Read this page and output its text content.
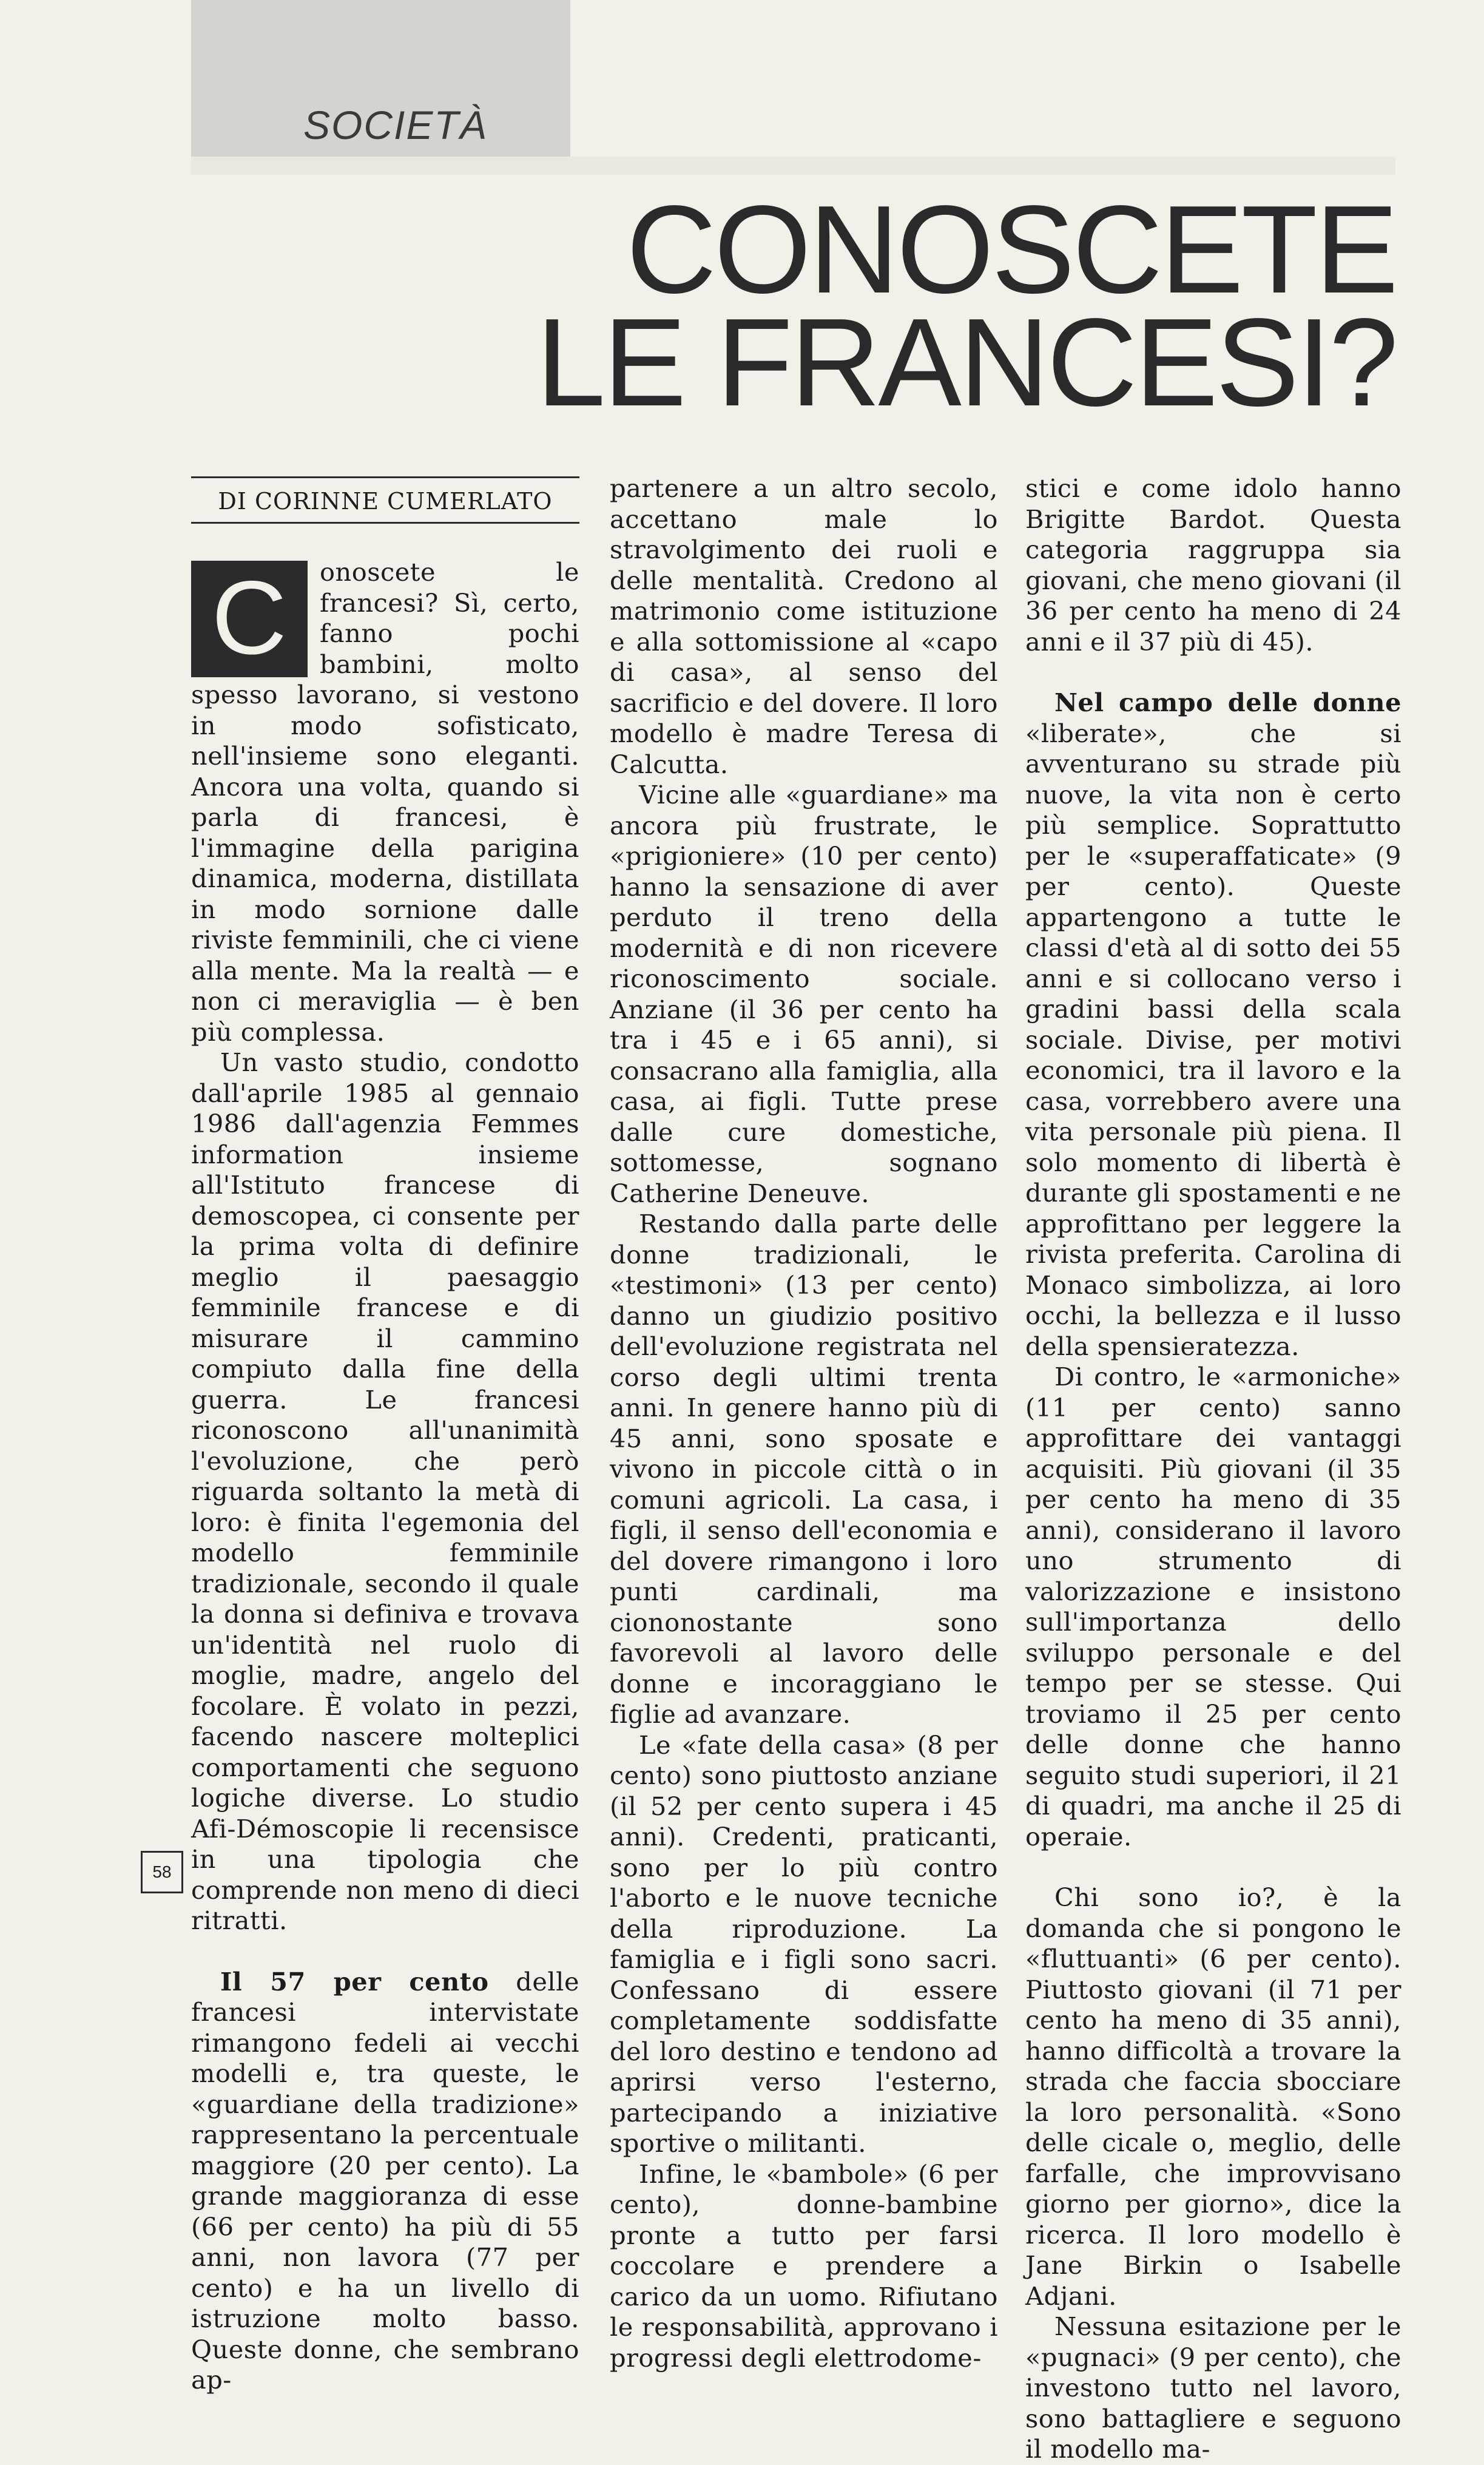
SOCIETÀ
CONOSCETE
LE FRANCESI?
DI CORINNE CUMERLATO

C	onoscete le francesi? Sì, certo, fanno pochi bambini, molto spesso lavorano, si vestono in modo sofisticato, nell'insieme sono eleganti. Ancora una volta, quando si parla di francesi, è l'immagine della parigina dinamica, moderna, distillata in modo sornione dalle riviste femminili, che ci viene alla mente. Ma la realtà — e non ci meraviglia — è ben più complessa.

Un vasto studio, condotto dall'aprile 1985 al gennaio 1986 dall'agenzia Femmes information insieme all'Istituto francese di demoscopea, ci consente per la prima volta di definire meglio il paesaggio femminile francese e di misurare il cammino compiuto dalla fine della guerra. Le francesi riconoscono all'unanimità l'evoluzione, che però riguarda soltanto la metà di loro: è finita l'egemonia del modello femminile tradizionale, secondo il quale la donna si definiva e trovava un'identità nel ruolo di moglie, madre, angelo del focolare. È volato in pezzi, facendo nascere molteplici comportamenti che seguono logiche diverse. Lo studio Afi-Démoscopie li recensisce in una tipologia che comprende non meno di dieci ritratti.

Il 57 per cento delle francesi intervistate rimangono fedeli ai vecchi modelli e, tra queste, le «guardiane della tradizione» rappresentano la percentuale maggiore (20 per cento). La grande maggioranza di esse (66 per cento) ha più di 55 anni, non lavora (77 per cento) e ha un livello di istruzione molto basso. Queste donne, che sembrano ap-

partenere a un altro secolo, accettano male lo stravolgimento dei ruoli e delle mentalità. Credono al matrimonio come istituzione e alla sottomissione al «capo di casa», al senso del sacrificio e del dovere. Il loro modello è madre Teresa di Calcutta.

Vicine alle «guardiane» ma ancora più frustrate, le «prigioniere» (10 per cento) hanno la sensazione di aver perduto il treno della modernità e di non ricevere riconoscimento sociale. Anziane (il 36 per cento ha tra i 45 e i 65 anni), si consacrano alla famiglia, alla casa, ai figli. Tutte prese dalle cure domestiche, sottomesse, sognano Catherine Deneuve.

Restando dalla parte delle donne tradizionali, le «testimoni» (13 per cento) danno un giudizio positivo dell'evoluzione registrata nel corso degli ultimi trenta anni. In genere hanno più di 45 anni, sono sposate e vivono in piccole città o in comuni agricoli. La casa, i figli, il senso dell'economia e del dovere rimangono i loro punti cardinali, ma ciononostante sono favorevoli al lavoro delle donne e incoraggiano le figlie ad avanzare.

Le «fate della casa» (8 per cento) sono piuttosto anziane (il 52 per cento supera i 45 anni). Credenti, praticanti, sono per lo più contro l'aborto e le nuove tecniche della riproduzione. La famiglia e i figli sono sacri. Confessano di essere completamente soddisfatte del loro destino e tendono ad aprirsi verso l'esterno, partecipando a iniziative sportive o militanti.

Infine, le «bambole» (6 per cento), donne-bambine pronte a tutto per farsi coccolare e prendere a carico da un uomo. Rifiutano le responsabilità, approvano i progressi degli elettrodome-

stici e come idolo hanno Brigitte Bardot. Questa categoria raggruppa sia giovani, che meno giovani (il 36 per cento ha meno di 24 anni e il 37 più di 45).

Nel campo delle donne «liberate», che si avventurano su strade più nuove, la vita non è certo più semplice. Soprattutto per le «superaffaticate» (9 per cento). Queste appartengono a tutte le classi d'età al di sotto dei 55 anni e si collocano verso i gradini bassi della scala sociale. Divise, per motivi economici, tra il lavoro e la casa, vorrebbero avere una vita personale più piena. Il solo momento di libertà è durante gli spostamenti e ne approfittano per leggere la rivista preferita. Carolina di Monaco simbolizza, ai loro occhi, la bellezza e il lusso della spensieratezza.

Di contro, le «armoniche» (11 per cento) sanno approfittare dei vantaggi acquisiti. Più giovani (il 35 per cento ha meno di 35 anni), considerano il lavoro uno strumento di valorizzazione e insistono sull'importanza dello sviluppo personale e del tempo per se stesse. Qui troviamo il 25 per cento delle donne che hanno seguito studi superiori, il 21 di quadri, ma anche il 25 di operaie.

Chi sono io?, è la domanda che si pongono le «fluttuanti» (6 per cento). Piuttosto giovani (il 71 per cento ha meno di 35 anni), hanno difficoltà a trovare la strada che faccia sbocciare la loro personalità. «Sono delle cicale o, meglio, delle farfalle, che improvvisano giorno per giorno», dice la ricerca. Il loro modello è Jane Birkin o Isabelle Adjani.

Nessuna esitazione per le «pugnaci» (9 per cento), che investono tutto nel lavoro, sono battagliere e seguono il modello ma-

58
